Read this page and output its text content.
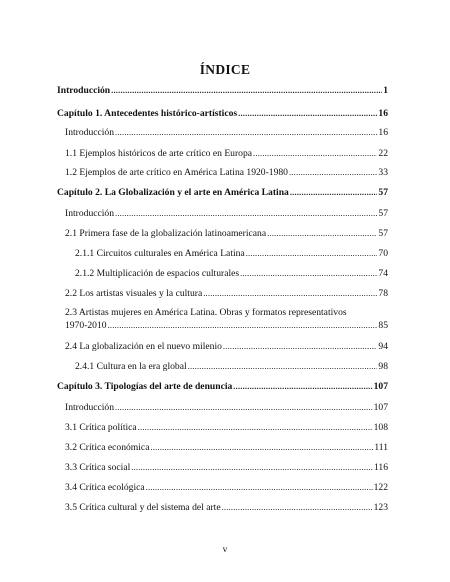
ÍNDICE
Introducción .....	1
Capítulo 1. Antecedentes histórico-artísticos .....	16
Introducción .....	16
1.1 Ejemplos históricos de arte crítico en Europa .....	22
1.2 Ejemplos de arte crítico en América Latina 1920-1980 .....	33
Capítulo 2. La Globalización y el arte en América Latina .....	57
Introducción .....	57
2.1 Primera fase de la globalización latinoamericana .....	57
2.1.1 Circuitos culturales en América Latina .....	70
2.1.2 Multiplicación de espacios culturales .....	74
2.2 Los artistas visuales y la cultura .....	78
2.3 Artistas mujeres en América Latina. Obras y formatos representativos
1970-2010 .....	85
2.4 La globalización en el nuevo milenio .....	94
2.4.1 Cultura en la era global .....	98
Capítulo 3. Tipologías del arte de denuncia .....	107
Introducción .....	107
3.1 Crítica política .....	108
3.2 Crítica económica .....	111
3.3 Crítica social .....	116
3.4 Crítica ecológica .....	122
3.5 Crítica cultural y del sistema del arte .....	123
v
